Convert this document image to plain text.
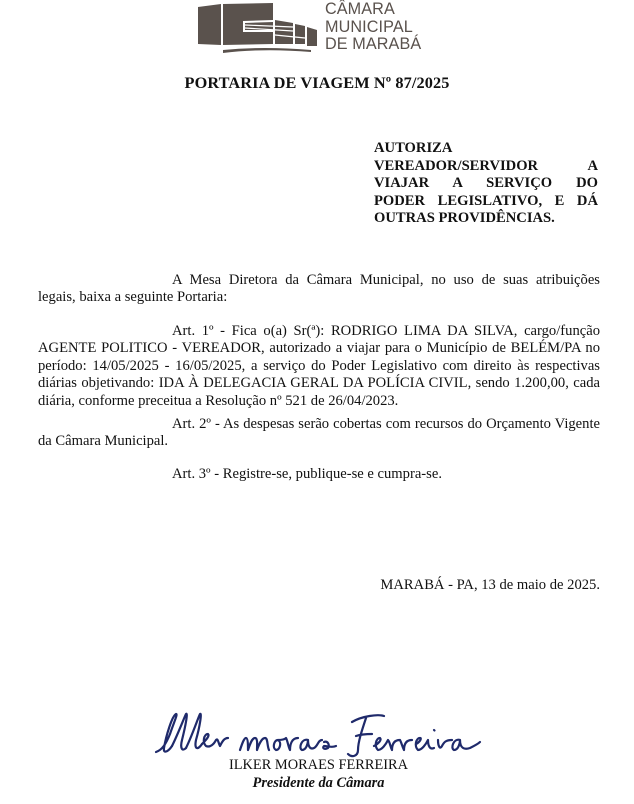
CÂMARA
MUNICIPAL
DE MARABÁ
PORTARIA DE VIAGEM Nº 87/2025
AUTORIZA
VEREADOR/SERVIDOR A
VIAJAR A SERVIÇO DO
PODER LEGISLATIVO, E DÁ
OUTRAS PROVIDÊNCIAS.
A Mesa Diretora da Câmara Municipal, no uso de suas atribuições legais, baixa a seguinte Portaria:
Art. 1º - Fica o(a) Sr(ª): RODRIGO LIMA DA SILVA, cargo/função AGENTE POLITICO - VEREADOR, autorizado a viajar para o Município de BELÉM/PA no período: 14/05/2025 - 16/05/2025, a serviço do Poder Legislativo com direito às respectivas diárias objetivando: IDA À DELEGACIA GERAL DA POLÍCIA CIVIL, sendo 1.200,00, cada diária, conforme preceitua a Resolução nº 521 de 26/04/2023.
Art. 2º - As despesas serão cobertas com recursos do Orçamento Vigente da Câmara Municipal.
Art. 3º - Registre-se, publique-se e cumpra-se.
MARABÁ - PA, 13 de maio de 2025.
ILKER MORAES FERREIRA
Presidente da Câmara
